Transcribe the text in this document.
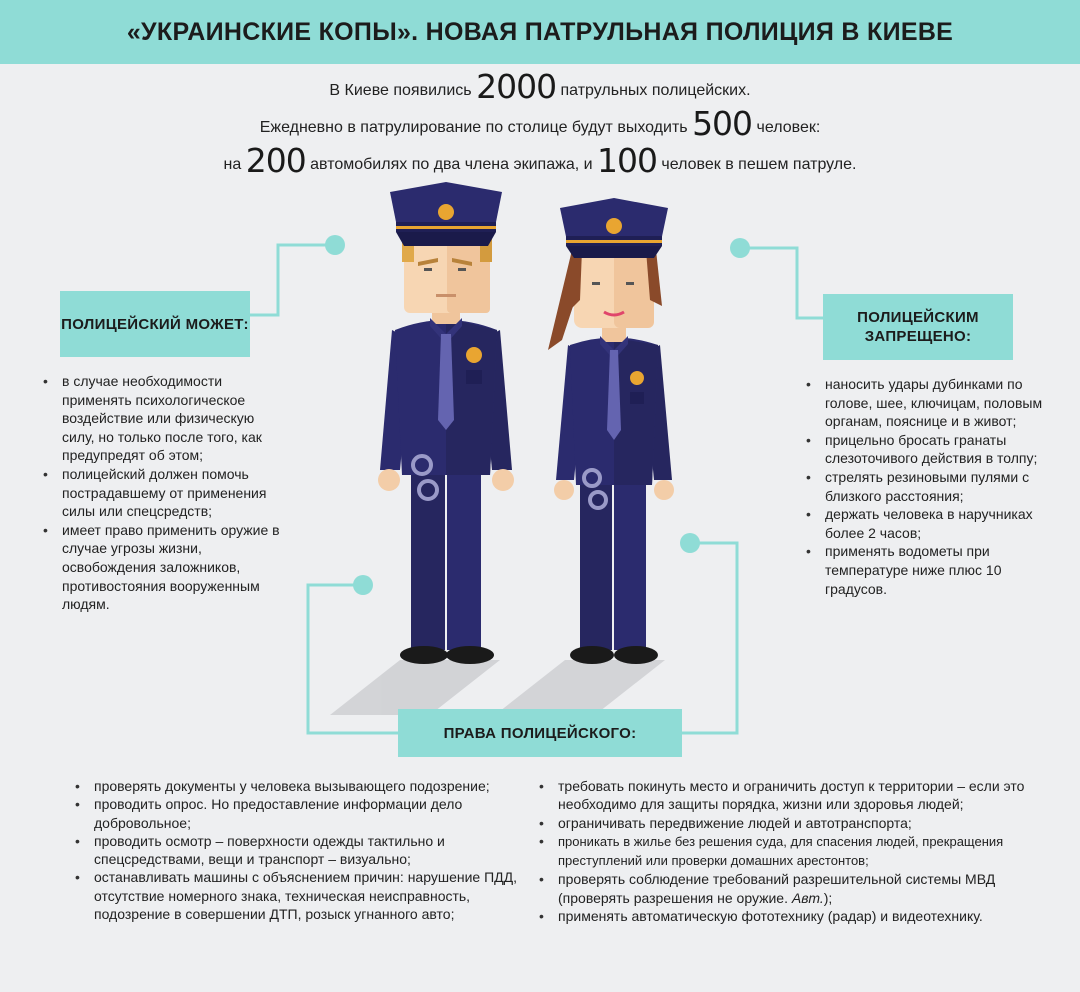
«УКРАИНСКИЕ КОПЫ». НОВАЯ ПАТРУЛЬНАЯ ПОЛИЦИЯ В КИЕВЕ
В Киеве появились 2000 патрульных полицейских.
Ежедневно в патрулирование по столице будут выходить 500 человек:
на 200 автомобилях по два члена экипажа, и 100 человек в пешем патруле.
ПОЛИЦЕЙСКИЙ МОЖЕТ:	ПОЛИЦЕЙСКИМ ЗАПРЕЩЕНО:
ПРАВА ПОЛИЦЕЙСКОГО:
• в случае необходимости применять психологическое воздействие или физическую силу, но только после того, как предупредят об этом;
• полицейский должен помочь пострадавшему от применения силы или спецсредств;
• имеет право применить оружие в случае угрозы жизни, освобождения заложников, противостояния вооруженным людям.
• наносить удары дубинками по голове, шее, ключицам, половым органам, пояснице и в живот;
• прицельно бросать гранаты слезоточивого действия в толпу;
• стрелять резиновыми пулями с близкого расстояния;
• держать человека в наручниках более 2 часов;
• применять водометы при температуре ниже плюс 10 градусов.
• проверять документы у человека вызывающего подозрение;
• проводить опрос. Но предоставление информации дело добровольное;
• проводить осмотр – поверхности одежды тактильно и спецсредствами, вещи и транспорт – визуально;
• останавливать машины с объяснением причин: нарушение ПДД, отсутствие номерного знака, техническая неисправность, подозрение в совершении ДТП, розыск угнанного авто;
• требовать покинуть место и ограничить доступ к территории – если это необходимо для защиты порядка, жизни или здоровья людей;
• ограничивать передвижение людей и автотранспорта;
• проникать в жилье без решения суда, для спасения людей, прекращения преступлений или проверки домашних арестонтов;
• проверять соблюдение требований разрешительной системы МВД (проверять разрешения не оружие. Авт.);
• применять автоматическую фототехнику (радар) и видеотехнику.
